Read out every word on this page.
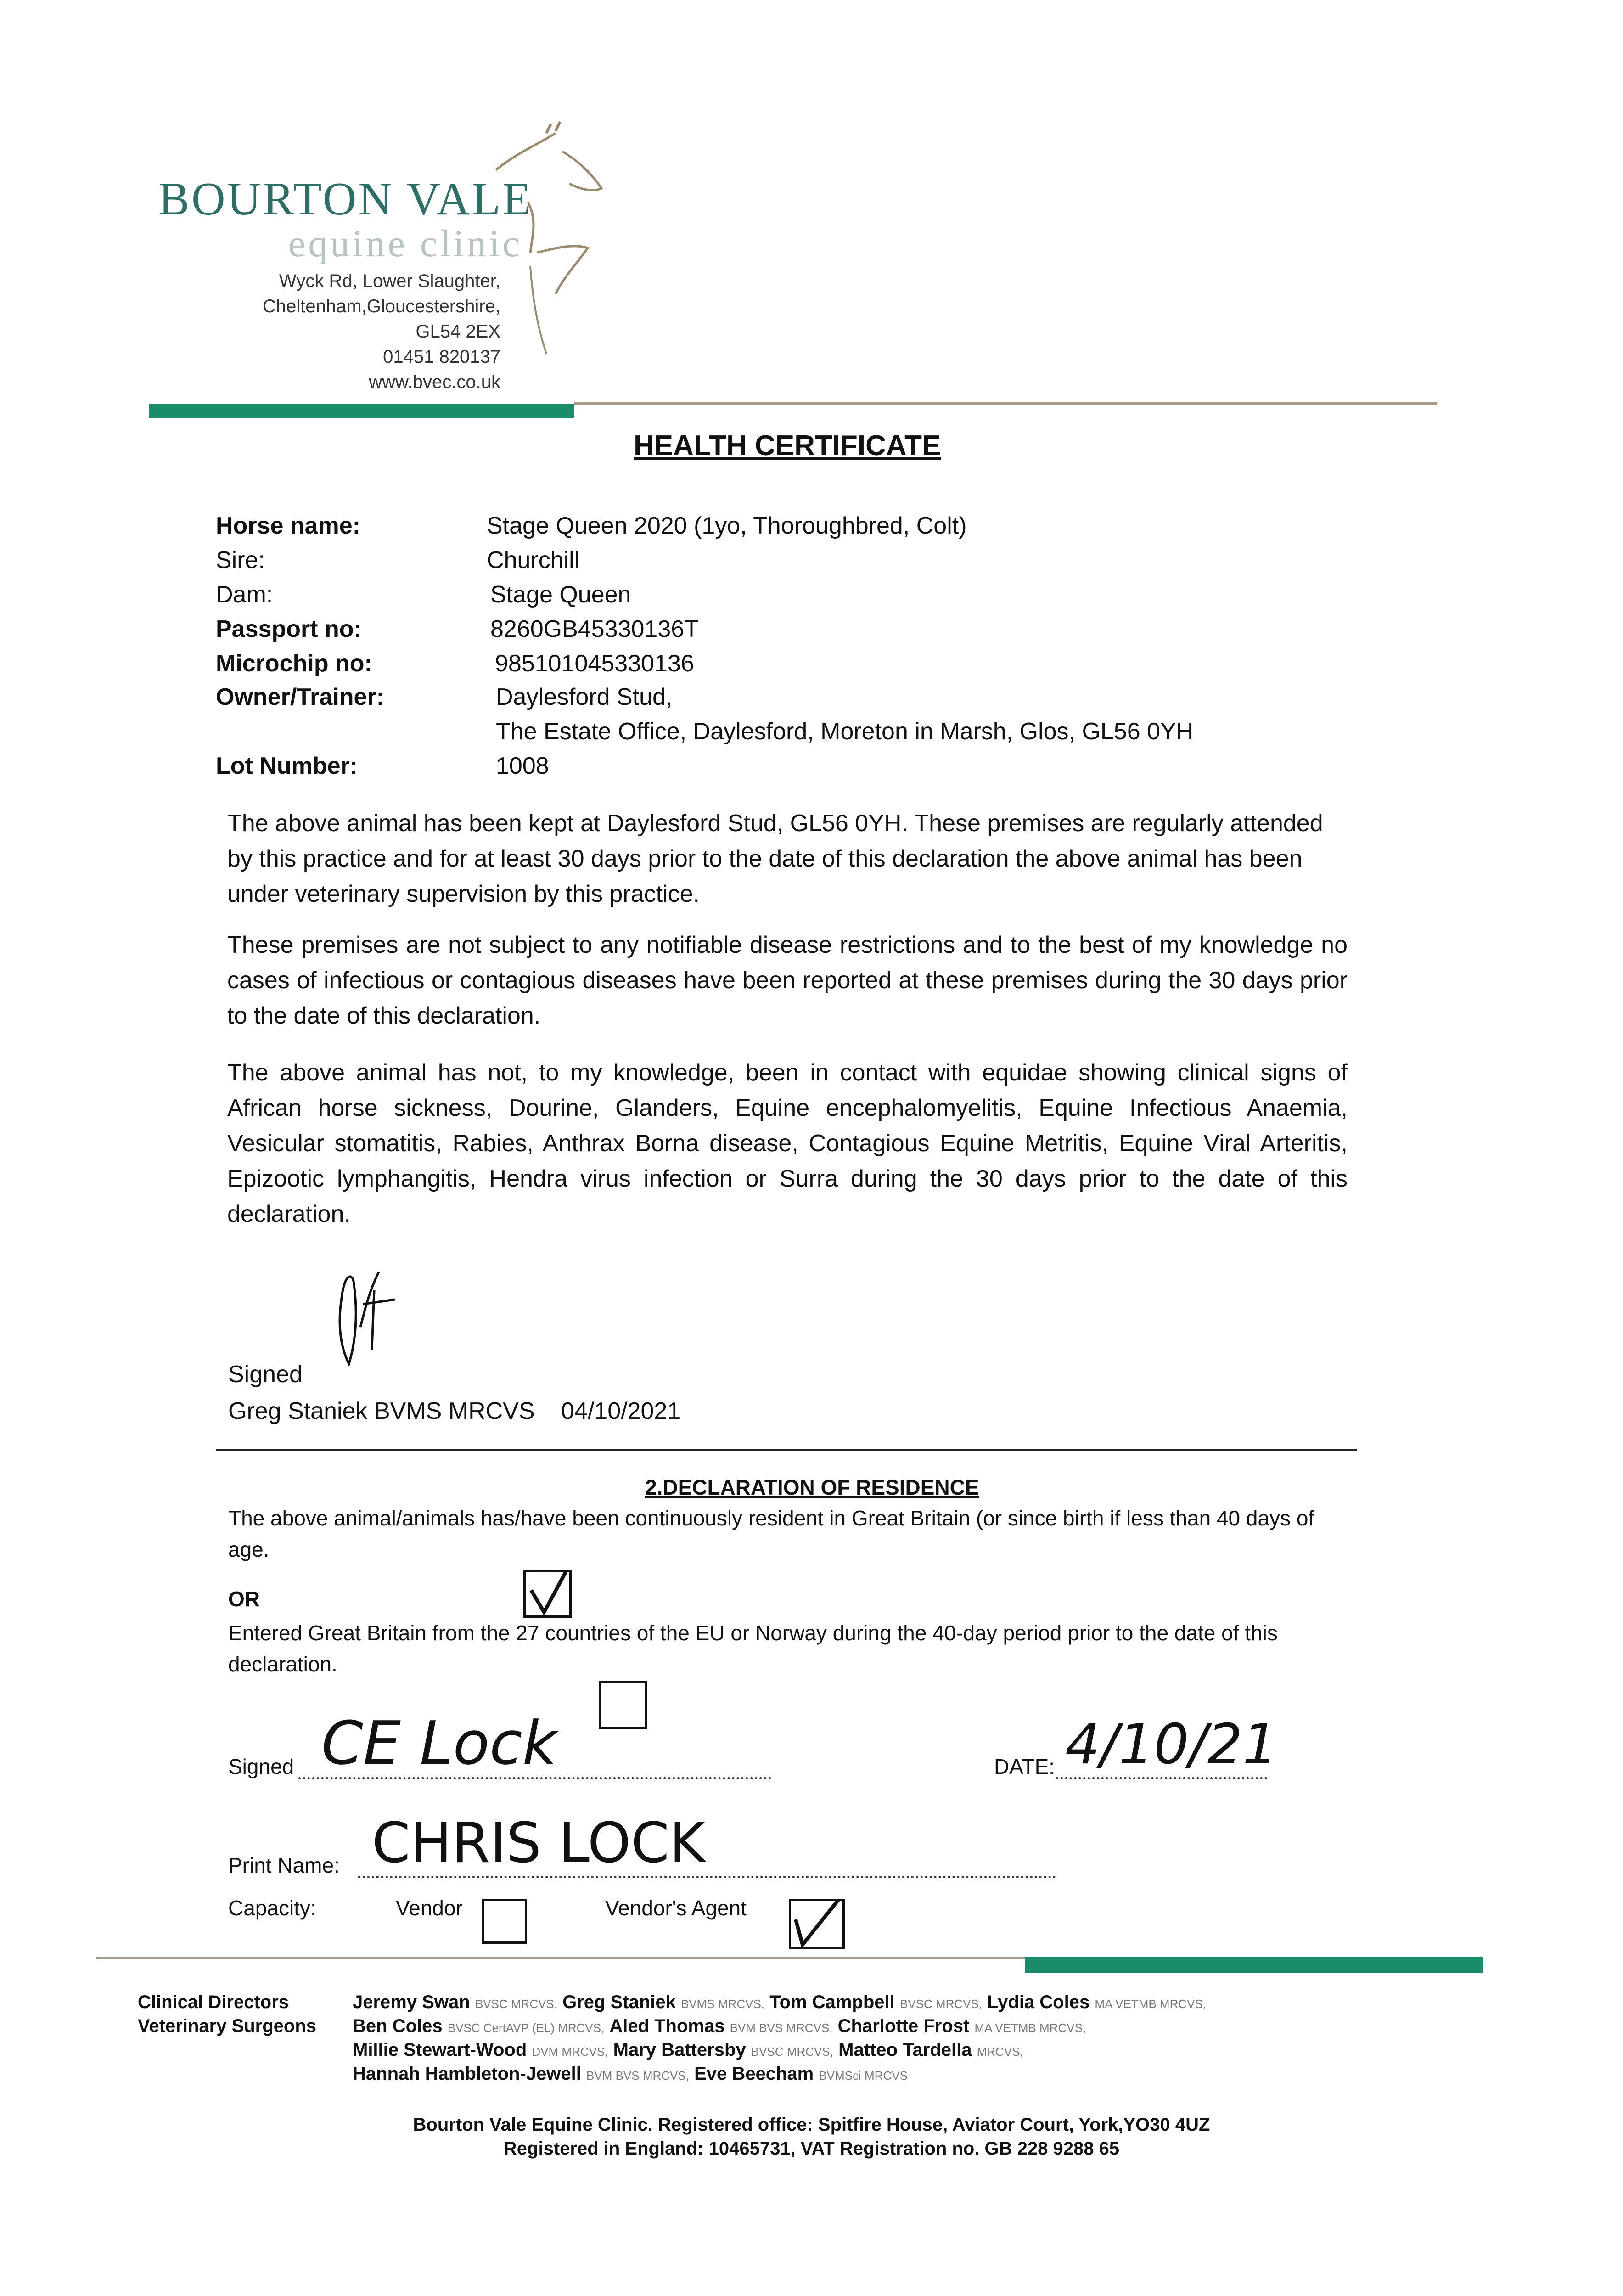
BOURTON VALE
equine clinic
Wyck Rd, Lower Slaughter,
Cheltenham,Gloucestershire,
GL54 2EX
01451 820137
www.bvec.co.uk
HEALTH CERTIFICATE
Horse name:	Stage Queen 2020 (1yo, Thoroughbred, Colt)
Sire:	Churchill
Dam:	Stage Queen
Passport no:	8260GB45330136T
Microchip no:	985101045330136
Owner/Trainer:	Daylesford Stud,
The Estate Office, Daylesford, Moreton in Marsh, Glos, GL56 0YH
Lot Number:	1008
The above animal has been kept at Daylesford Stud, GL56 0YH. These premises are regularly attended by this practice and for at least 30 days prior to the date of this declaration the above animal has been under veterinary supervision by this practice.
These premises are not subject to any notifiable disease restrictions and to the best of my knowledge no cases of infectious or contagious diseases have been reported at these premises during the 30 days prior to the date of this declaration.
The above animal has not, to my knowledge, been in contact with equidae showing clinical signs of African horse sickness, Dourine, Glanders, Equine encephalomyelitis, Equine Infectious Anaemia, Vesicular stomatitis, Rabies, Anthrax Borna disease, Contagious Equine Metritis, Equine Viral Arteritis, Epizootic lymphangitis, Hendra virus infection or Surra during the 30 days prior to the date of this declaration.
Signed
Greg Staniek BVMS MRCVS 04/10/2021
2.DECLARATION OF RESIDENCE
The above animal/animals has/have been continuously resident in Great Britain (or since birth if less than 40 days of age.
OR
Entered Great Britain from the 27 countries of the EU or Norway during the 40-day period prior to the date of this declaration.
Signed CE Lock	DATE: 4/10/21
Print Name: CHRIS LOCK
Capacity:	Vendor	Vendor's Agent
Clinical Directors
Veterinary Surgeons
Jeremy Swan BVSC MRCVS, Greg Staniek BVMS MRCVS, Tom Campbell BVSC MRCVS, Lydia Coles MA VETMB MRCVS,
Ben Coles BVSC CertAVP (EL) MRCVS, Aled Thomas BVM BVS MRCVS, Charlotte Frost MA VETMB MRCVS,
Millie Stewart-Wood DVM MRCVS, Mary Battersby BVSC MRCVS, Matteo Tardella MRCVS,
Hannah Hambleton-Jewell BVM BVS MRCVS, Eve Beecham BVMSci MRCVS
Bourton Vale Equine Clinic. Registered office: Spitfire House, Aviator Court, York,YO30 4UZ
Registered in England: 10465731, VAT Registration no. GB 228 9288 65
